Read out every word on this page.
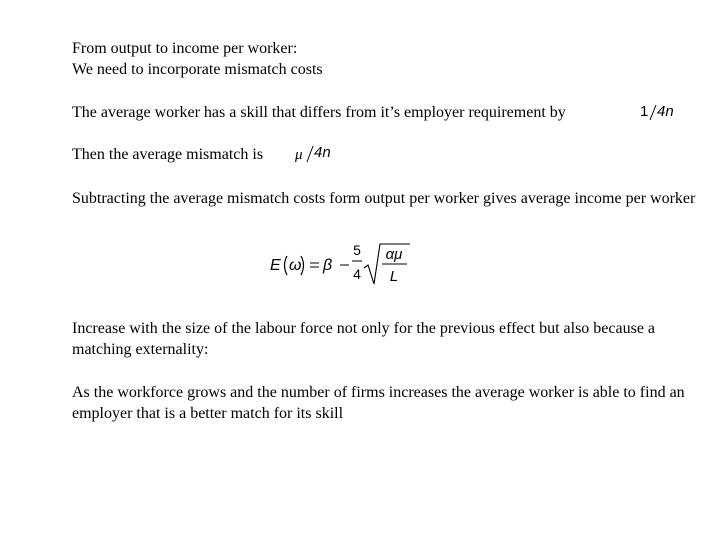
From output to income per worker:
We need to incorporate mismatch costs
The average worker has a skill that differs from it’s employer requirement by	1 4n
Then the average mismatch is	μ 4n
Subtracting the average mismatch costs form output per worker gives average income per worker
E ω β
5
4
αμ
L
Increase with the size of the labour force not only for the previous effect but also because a matching externality:
As the workforce grows and the number of firms increases the average worker is able to find an employer that is a better match for its skill
